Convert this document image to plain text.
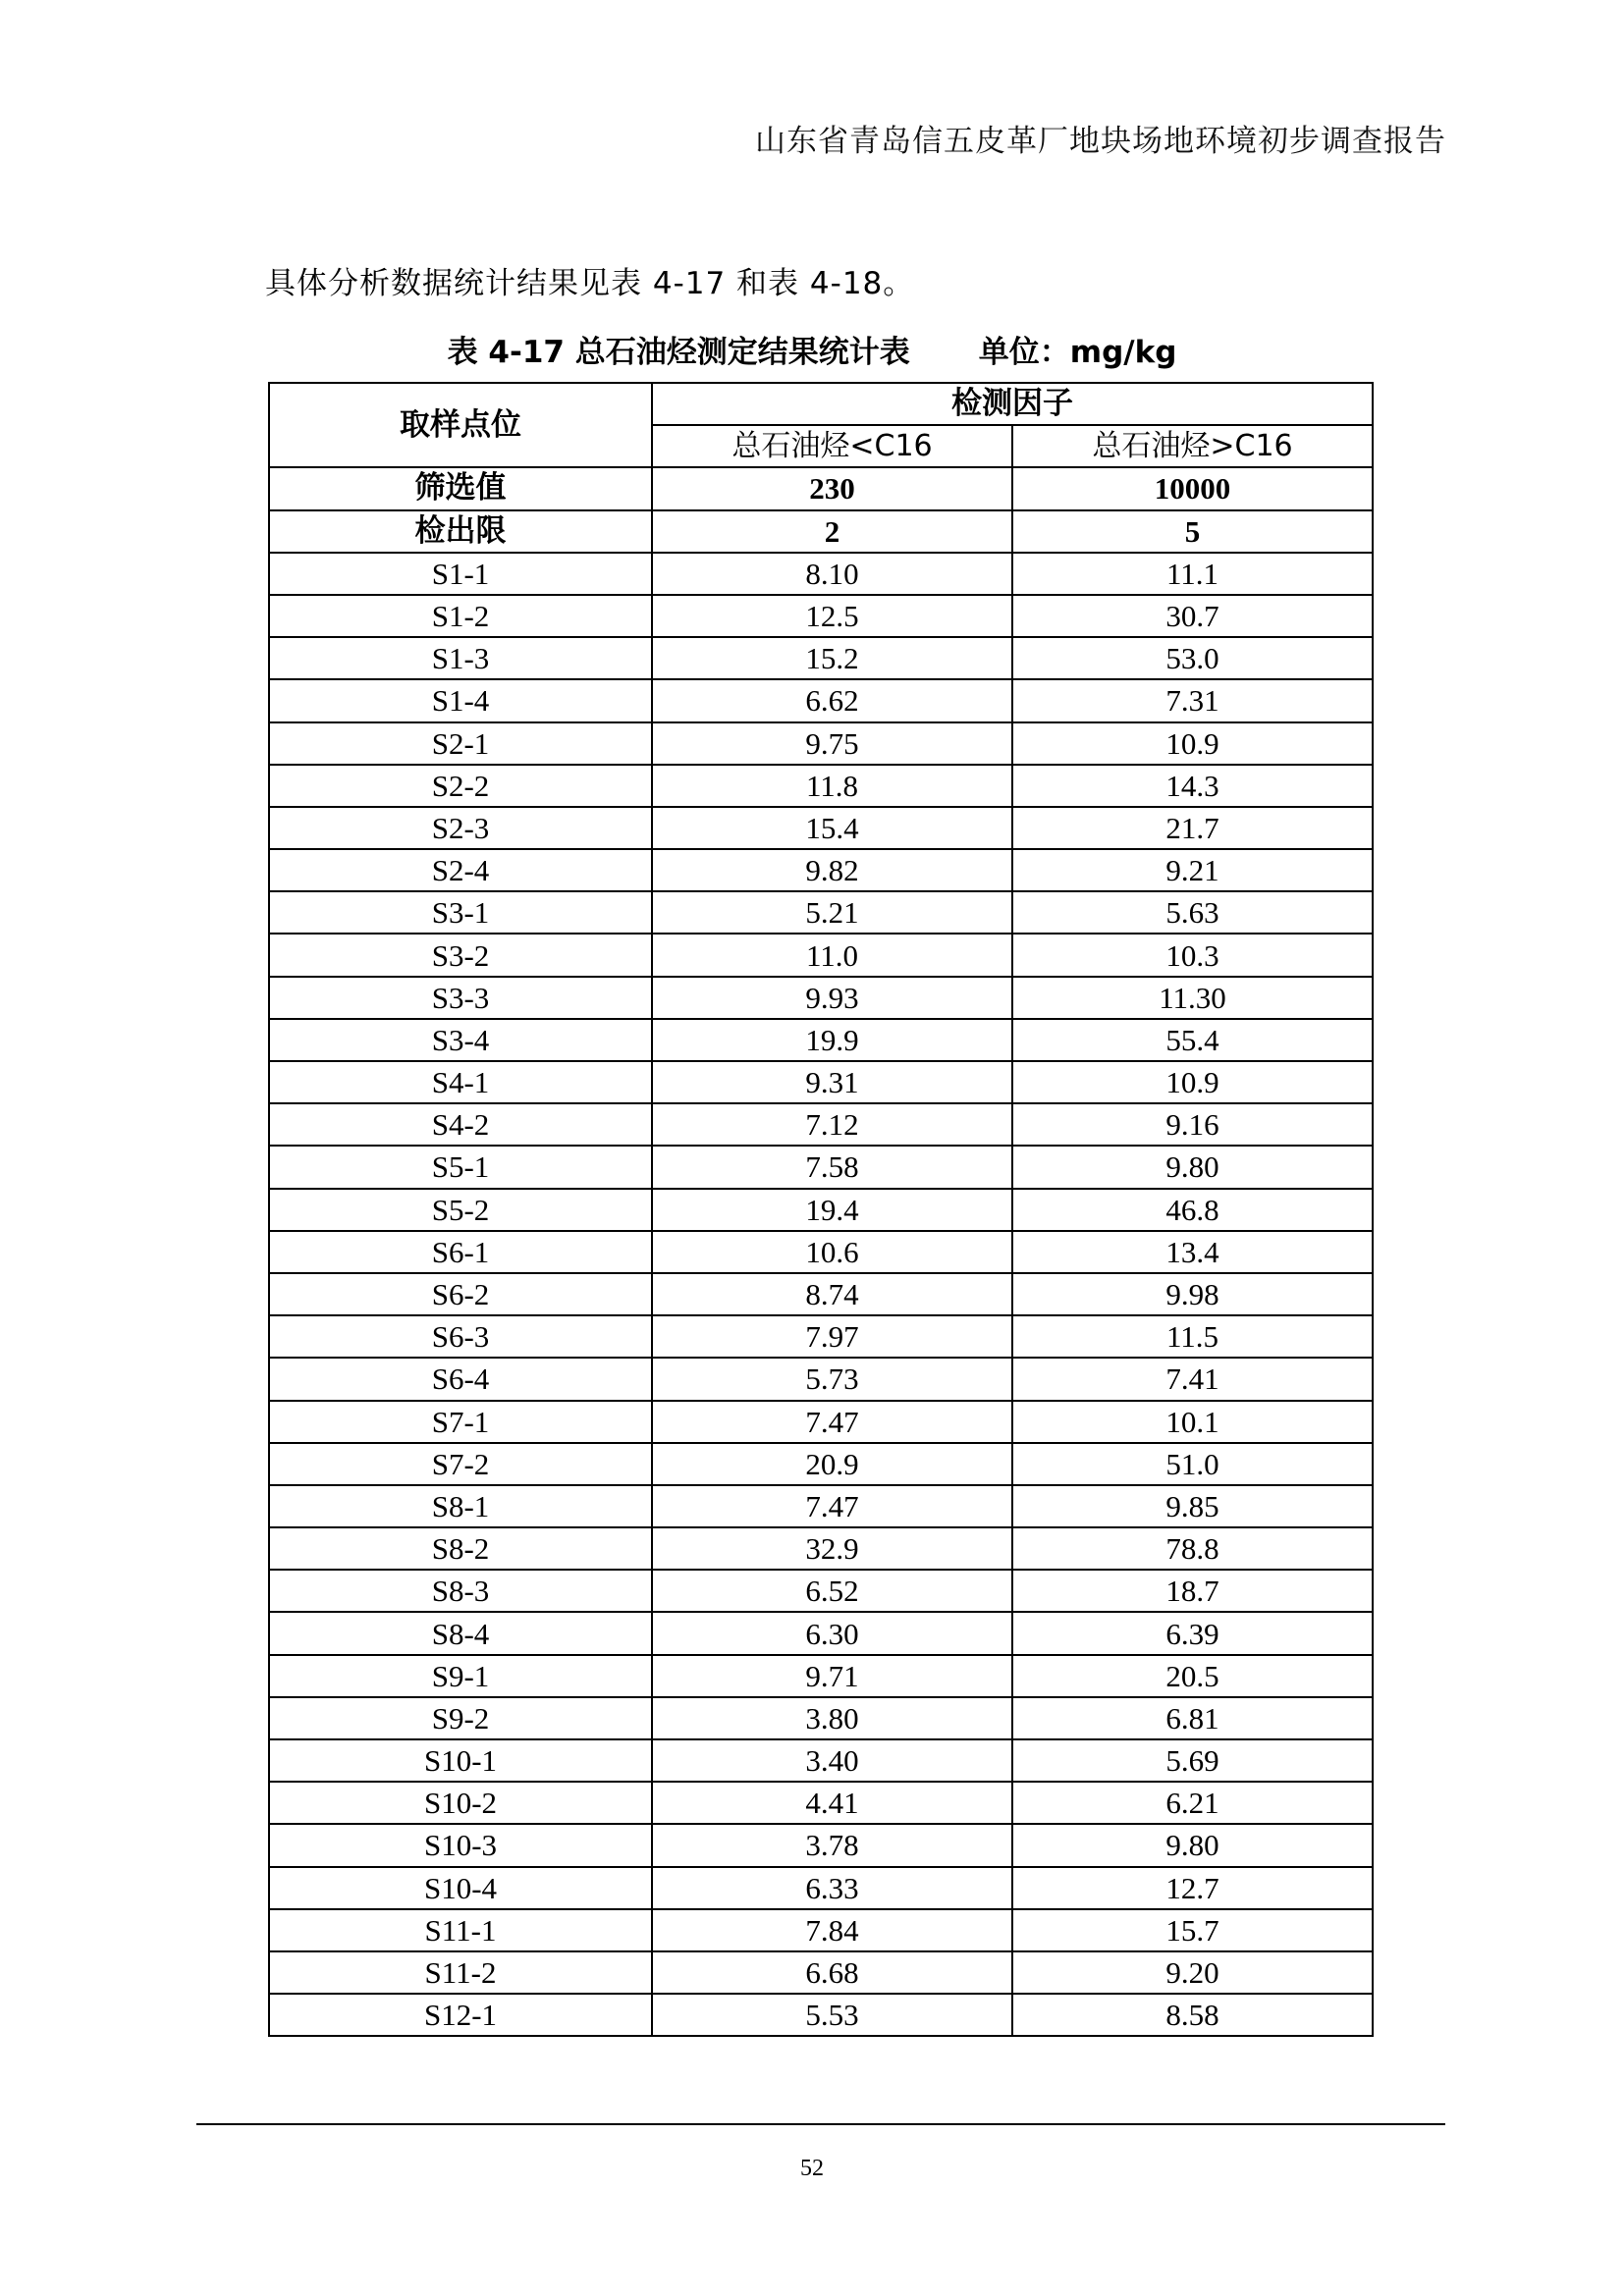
山东省青岛信五皮革厂地块场地环境初步调查报告
具体分析数据统计结果见表 4-17 和表 4-18。
表 4-17 总石油烃测定结果统计表 单位：mg/kg
取样点位	检测因子	
	总石油烃<C16	总石油烃>C16
筛选值	230	10000
检出限	2	5
S1-1	8.10	11.1
S1-2	12.5	30.7
S1-3	15.2	53.0
S1-4	6.62	7.31
S2-1	9.75	10.9
S2-2	11.8	14.3
S2-3	15.4	21.7
S2-4	9.82	9.21
S3-1	5.21	5.63
S3-2	11.0	10.3
S3-3	9.93	11.30
S3-4	19.9	55.4
S4-1	9.31	10.9
S4-2	7.12	9.16
S5-1	7.58	9.80
S5-2	19.4	46.8
S6-1	10.6	13.4
S6-2	8.74	9.98
S6-3	7.97	11.5
S6-4	5.73	7.41
S7-1	7.47	10.1
S7-2	20.9	51.0
S8-1	7.47	9.85
S8-2	32.9	78.8
S8-3	6.52	18.7
S8-4	6.30	6.39
S9-1	9.71	20.5
S9-2	3.80	6.81
S10-1	3.40	5.69
S10-2	4.41	6.21
S10-3	3.78	9.80
S10-4	6.33	12.7
S11-1	7.84	15.7
S11-2	6.68	9.20
S12-1	5.53	8.58
52
